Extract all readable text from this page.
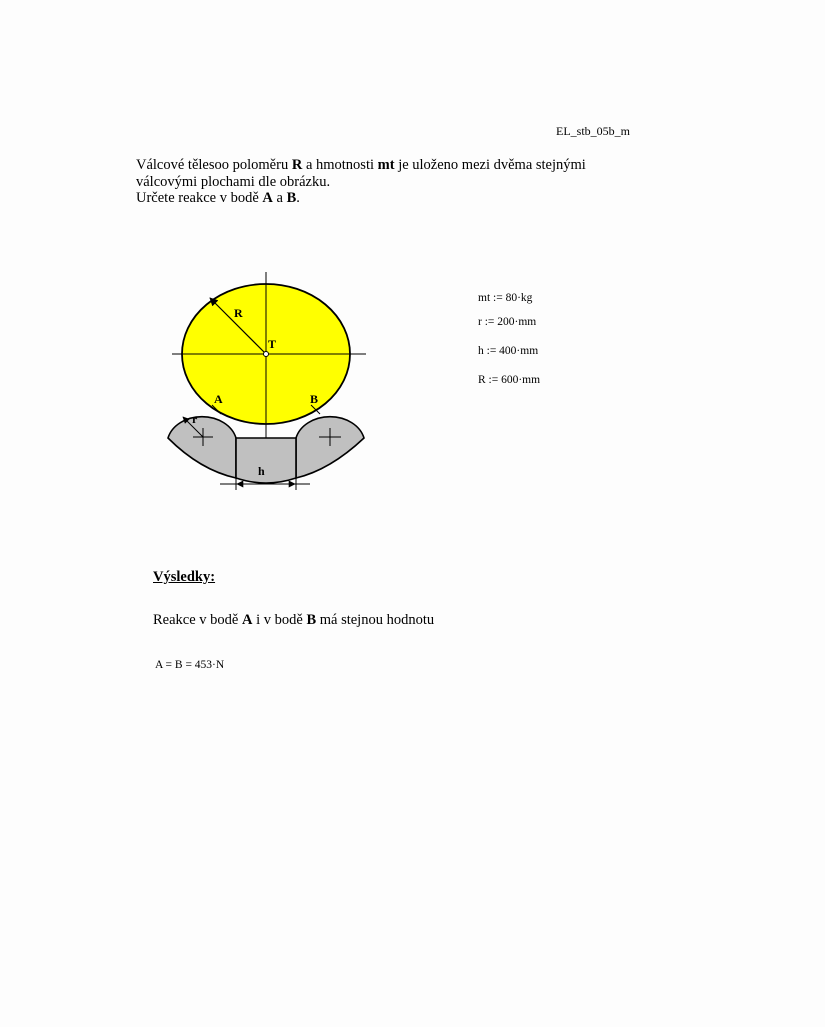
EL_stb_05b_m
Válcové tělesoo poloměru R a hmotnosti mt je uloženo mezi dvěma stejnými
válcovými plochami dle obrázku.
Určete reakce v bodě A a B.
R
T
A	B
r
h
mt := 80·kg
r := 200·mm
h := 400·mm
R := 600·mm
Výsledky:
Reakce v bodě A i v bodě B má stejnou hodnotu
A = B = 453·N
